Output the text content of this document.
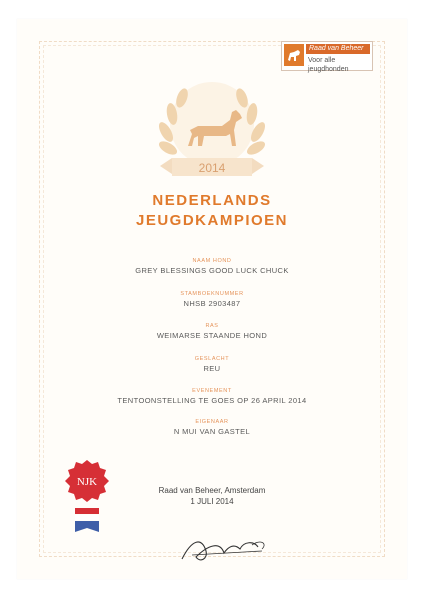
Raad van Beheer
Voor alle jeugdhonden
2014
NEDERLANDS
JEUGDKAMPIOEN
NAAM HOND
GREY BLESSINGS GOOD LUCK CHUCK
STAMBOEKNUMMER
NHSB 2903487
RAS
WEIMARSE STAANDE HOND
GESLACHT
REU
EVENEMENT
TENTOONSTELLING TE GOES OP 26 APRIL 2014
EIGENAAR
N MUI VAN GASTEL
NJK
Raad van Beheer, Amsterdam
1 JULI 2014
